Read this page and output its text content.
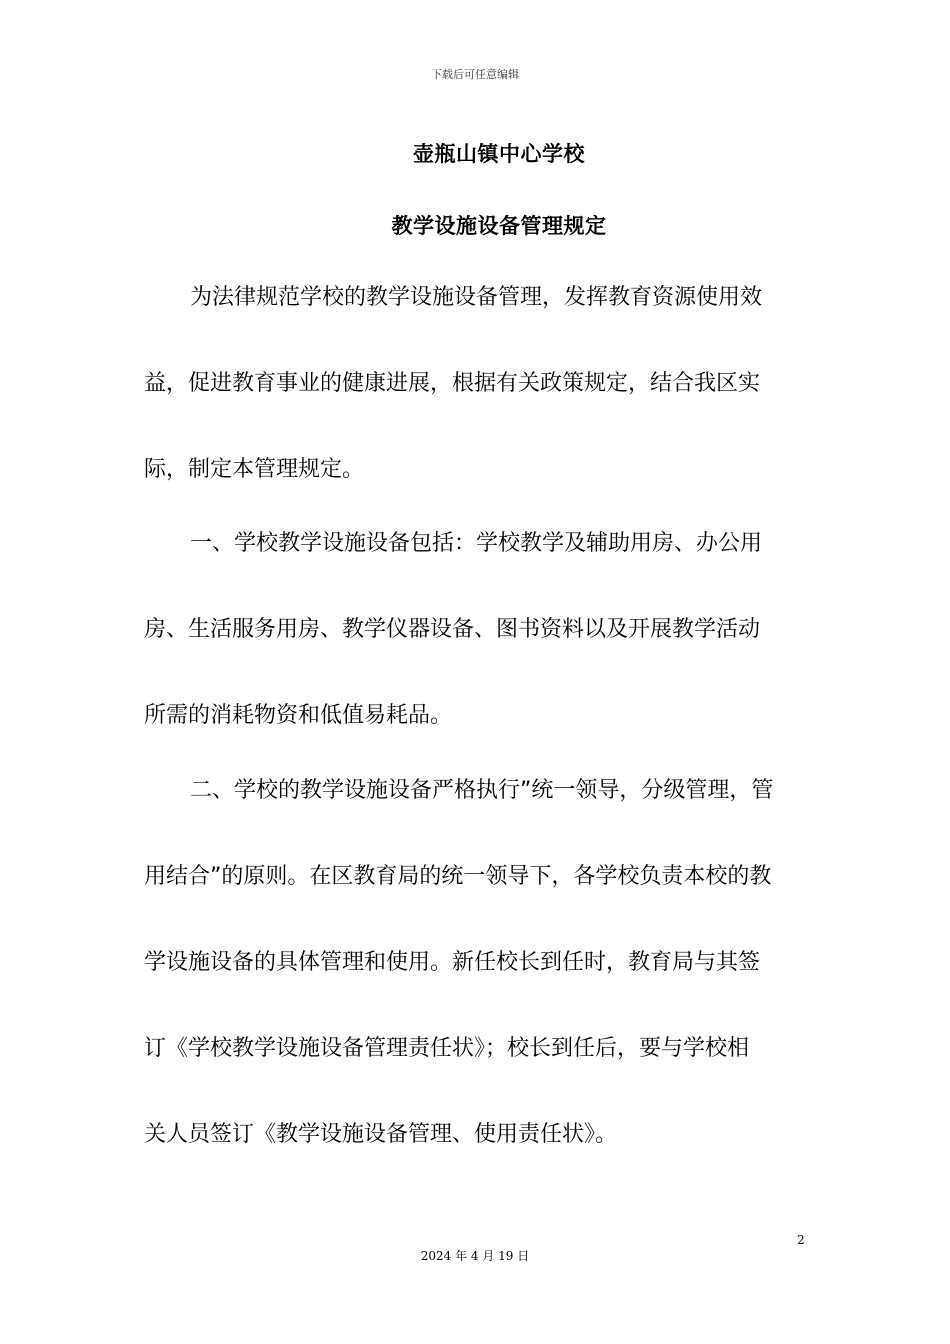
下载后可任意编辑
壶瓶山镇中心学校
教学设施设备管理规定
为法律规范学校的教学设施设备管理，发挥教育资源使用效
益，促进教育事业的健康进展，根据有关政策规定，结合我区实
际，制定本管理规定。
一、学校教学设施设备包括：学校教学及辅助用房、办公用
房、生活服务用房、教学仪器设备、图书资料以及开展教学活动
所需的消耗物资和低值易耗品。
二、学校的教学设施设备严格执行”统一领导，分级管理，管
用结合”的原则。在区教育局的统一领导下，各学校负责本校的教
学设施设备的具体管理和使用。新任校长到任时，教育局与其签
订《学校教学设施设备管理责任状》；校长到任后，要与学校相
关人员签订《教学设施设备管理、使用责任状》。
2
2024 年 4 月 19 日
